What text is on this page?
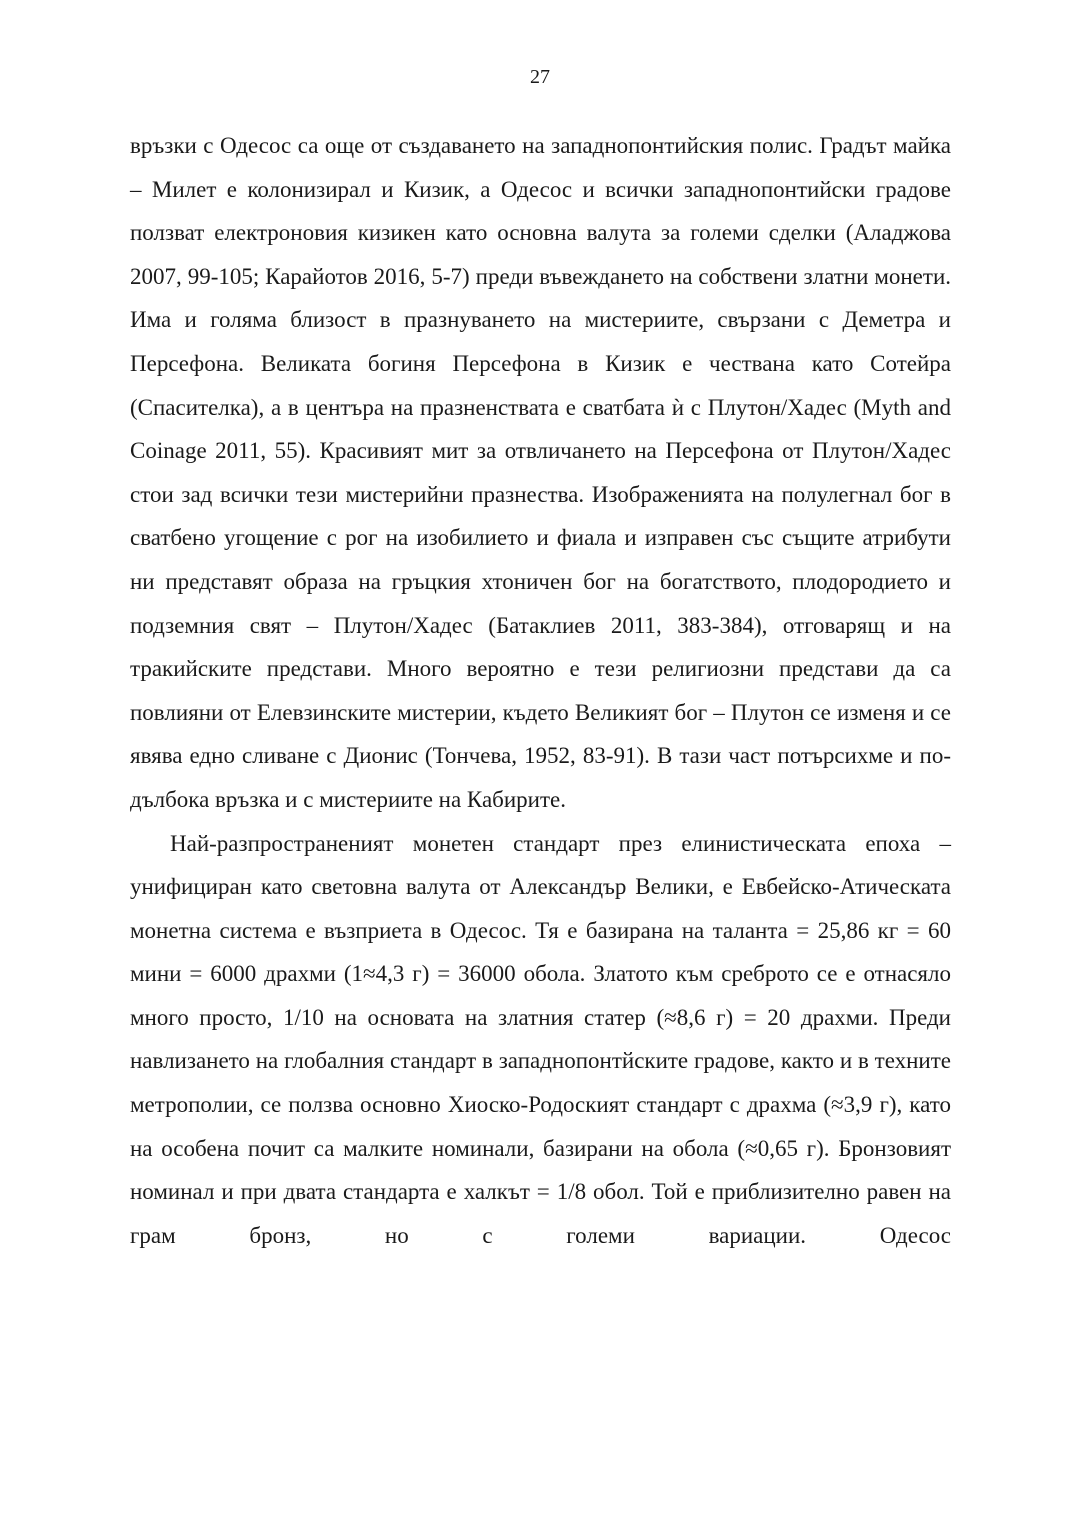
27

връзки с Одесос са още от създаването на западнопонтийския полис. Градът майка – Милет е колонизирал и Кизик, а Одесос и всички западнопонтийски градове ползват електроновия кизикен като основна валута за големи сделки (Аладжова 2007, 99-105; Карайотов 2016, 5-7) преди въвеждането на собствени златни монети. Има и голяма близост в празнуването на мистериите, свързани с Деметра и Персефона. Великата богиня Персефона в Кизик е чествана като Сотейра (Спасителка), а в центъра на празненствата е сватбата ѝ с Плутон/Хадес (Myth and Coinage 2011, 55). Красивият мит за отвличането на Персефона от Плутон/Хадес стои зад всички тези мистерийни празнества. Изображенията на полулегнал бог в сватбено угощение с рог на изобилието и фиала и изправен със същите атрибути ни представят образа на гръцкия хтоничен бог на богатството, плодородието и подземния свят – Плутон/Хадес (Батаклиев 2011, 383-384), отговарящ и на тракийските представи. Много вероятно е тези религиозни представи да са повлияни от Елевзинските мистерии, където Великият бог – Плутон се изменя и се явява едно сливане с Дионис (Тончева, 1952, 83-91). В тази част потърсихме и по-дълбока връзка и с мистериите на Кабирите.

Най-разпространеният монетен стандарт през елинистическата епоха – унифициран като световна валута от Александър Велики, е Евбейско-Атическата монетна система е възприета в Одесос. Тя е базирана на таланта = 25,86 кг = 60 мини = 6000 драхми (1≈4,3 г) = 36000 обола. Златото към среброто се е отнасяло много просто, 1/10 на основата на златния статер (≈8,6 г) = 20 драхми. Преди навлизането на глобалния стандарт в западнопонтйските градове, както и в техните метрополии, се ползва основно Хиоско-Родоският стандарт с драхма (≈3,9 г), като на особена почит са малките номинали, базирани на обола (≈0,65 г). Бронзовият номинал и при двата стандарта е халкът = 1/8 обол. Той е приблизително равен на грам бронз, но с големи вариации. Одесос
